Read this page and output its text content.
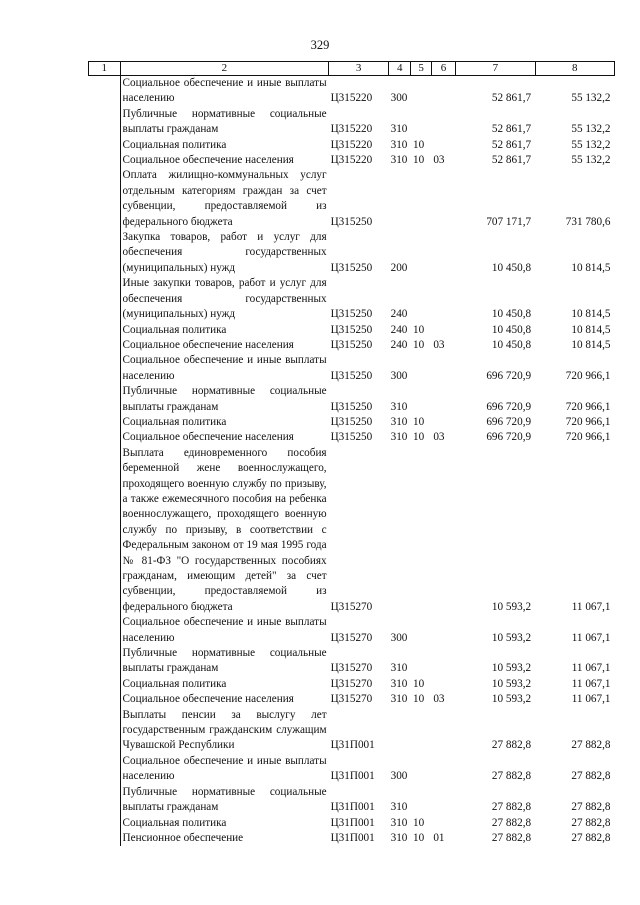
329
1	2	3	4	5	6	7	8
	Социальное обеспечение и иные выплаты населению	Ц315220	300			52 861,7	55 132,2
	Публичные нормативные социальные выплаты гражданам	Ц315220	310			52 861,7	55 132,2
	Социальная политика	Ц315220	310	10		52 861,7	55 132,2
	Социальное обеспечение населения	Ц315220	310	10	03	52 861,7	55 132,2
	Оплата жилищно-коммунальных услуг отдельным категориям граждан за счет субвенции, предоставляемой из федерального бюджета	Ц315250				707 171,7	731 780,6
	Закупка товаров, работ и услуг для обеспечения государственных (муниципальных) нужд	Ц315250	200			10 450,8	10 814,5
	Иные закупки товаров, работ и услуг для обеспечения государственных (муниципальных) нужд	Ц315250	240			10 450,8	10 814,5
	Социальная политика	Ц315250	240	10		10 450,8	10 814,5
	Социальное обеспечение населения	Ц315250	240	10	03	10 450,8	10 814,5
	Социальное обеспечение и иные выплаты населению	Ц315250	300			696 720,9	720 966,1
	Публичные нормативные социальные выплаты гражданам	Ц315250	310			696 720,9	720 966,1
	Социальная политика	Ц315250	310	10		696 720,9	720 966,1
	Социальное обеспечение населения	Ц315250	310	10	03	696 720,9	720 966,1
	Выплата единовременного пособия беременной жене военнослужащего, проходящего военную службу по призыву, а также ежемесячного пособия на ребенка военнослужащего, проходящего военную службу по призыву, в соответствии с Федеральным законом от 19 мая 1995 года № 81-ФЗ "О государственных пособиях гражданам, имеющим детей" за счет субвенции, предоставляемой из федерального бюджета	Ц315270				10 593,2	11 067,1
	Социальное обеспечение и иные выплаты населению	Ц315270	300			10 593,2	11 067,1
	Публичные нормативные социальные выплаты гражданам	Ц315270	310			10 593,2	11 067,1
	Социальная политика	Ц315270	310	10		10 593,2	11 067,1
	Социальное обеспечение населения	Ц315270	310	10	03	10 593,2	11 067,1
	Выплаты пенсии за выслугу лет государственным гражданским служащим Чувашской Республики	Ц31П001				27 882,8	27 882,8
	Социальное обеспечение и иные выплаты населению	Ц31П001	300			27 882,8	27 882,8
	Публичные нормативные социальные выплаты гражданам	Ц31П001	310			27 882,8	27 882,8
	Социальная политика	Ц31П001	310	10		27 882,8	27 882,8
	Пенсионное обеспечение	Ц31П001	310	10	01	27 882,8	27 882,8
